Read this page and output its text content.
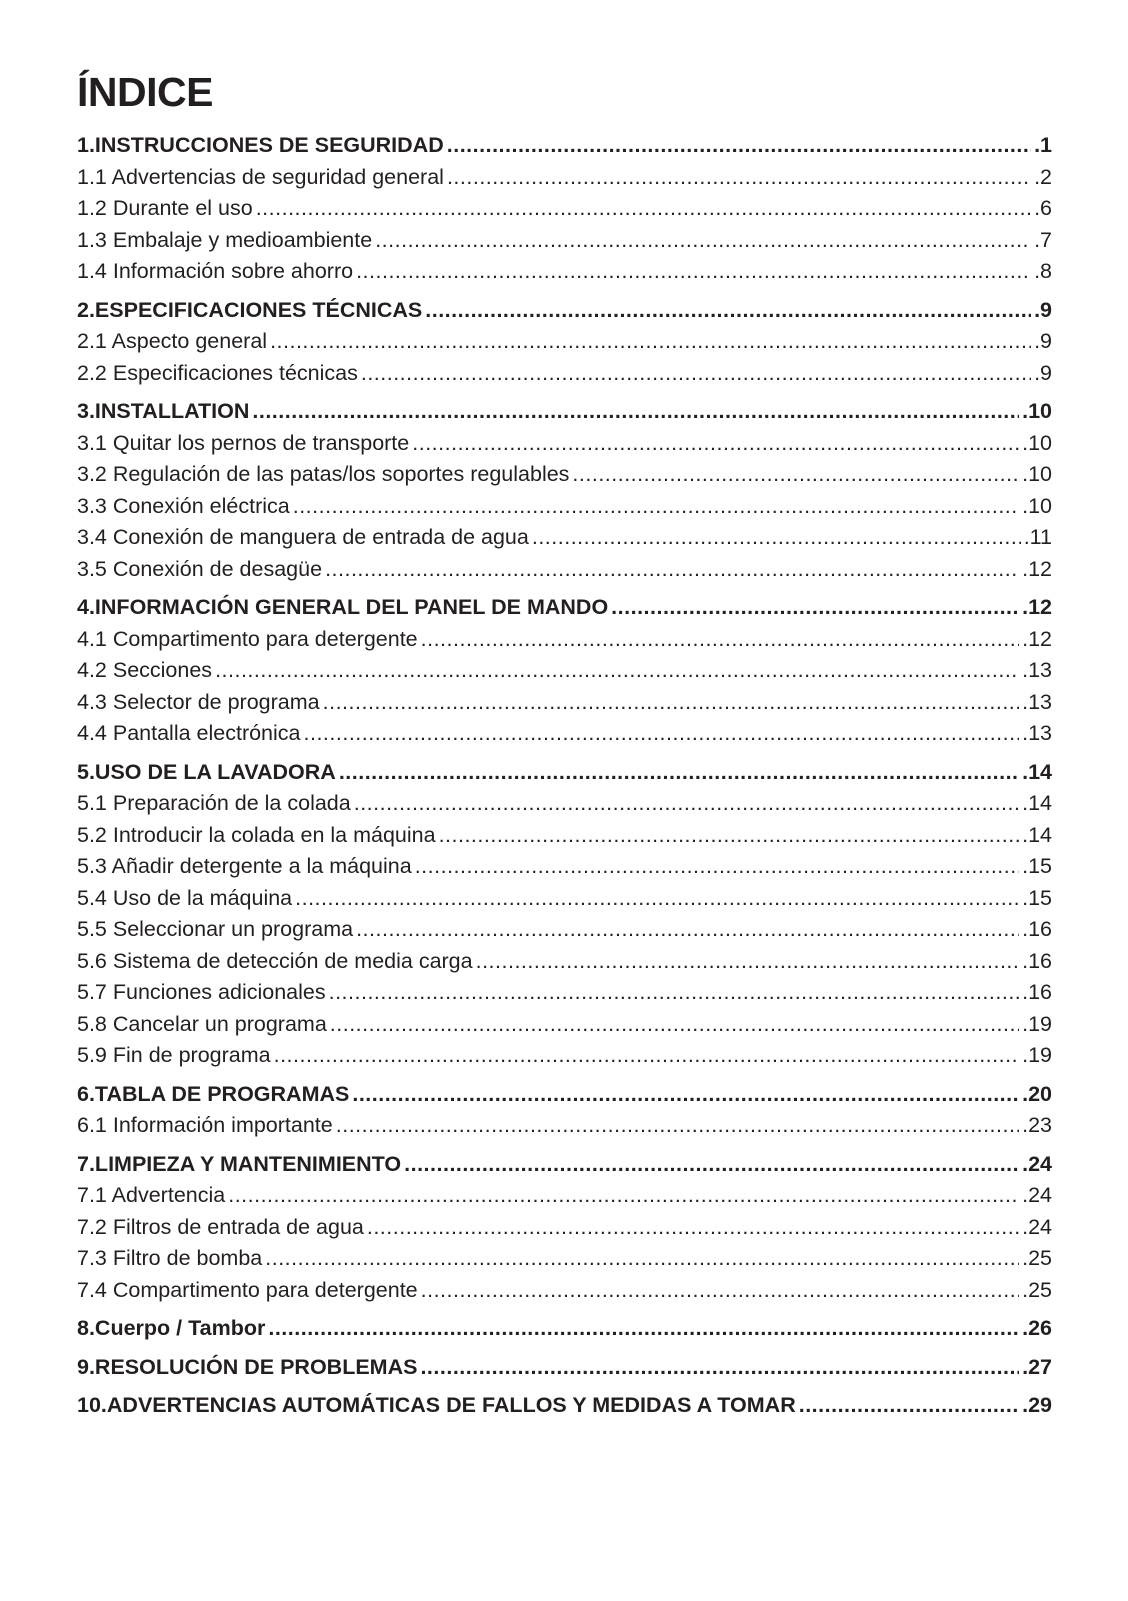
ÍNDICE
1.INSTRUCCIONES DE SEGURIDAD .....	.1
1.1 Advertencias de seguridad general .....	.2
1.2 Durante el uso .....	.6
1.3 Embalaje y medioambiente .....	.7
1.4 Información sobre ahorro .....	.8
2.ESPECIFICACIONES TÉCNICAS .....	.9
2.1 Aspecto general .....	.9
2.2 Especificaciones técnicas .....	.9
3.INSTALLATION .....	.10
3.1 Quitar los pernos de transporte .....	.10
3.2 Regulación de las patas/los soportes regulables .....	.10
3.3 Conexión eléctrica .....	.10
3.4 Conexión de manguera de entrada de agua .....	.11
3.5 Conexión de desagüe .....	.12
4.INFORMACIÓN GENERAL DEL PANEL DE MANDO .....	.12
4.1 Compartimento para detergente .....	.12
4.2 Secciones .....	.13
4.3 Selector de programa .....	.13
4.4 Pantalla electrónica .....	.13
5.USO DE LA LAVADORA .....	.14
5.1 Preparación de la colada .....	.14
5.2 Introducir la colada en la máquina .....	.14
5.3 Añadir detergente a la máquina .....	.15
5.4 Uso de la máquina .....	.15
5.5 Seleccionar un programa .....	.16
5.6 Sistema de detección de media carga .....	.16
5.7 Funciones adicionales .....	.16
5.8 Cancelar un programa .....	.19
5.9 Fin de programa .....	.19
6.TABLA DE PROGRAMAS .....	.20
6.1 Información importante .....	.23
7.LIMPIEZA Y MANTENIMIENTO .....	.24
7.1 Advertencia .....	.24
7.2 Filtros de entrada de agua .....	.24
7.3 Filtro de bomba .....	.25
7.4 Compartimento para detergente .....	.25
8.Cuerpo / Tambor .....	.26
9.RESOLUCIÓN DE PROBLEMAS .....	.27
10.ADVERTENCIAS AUTOMÁTICAS DE FALLOS Y MEDIDAS A TOMAR .....	.29
